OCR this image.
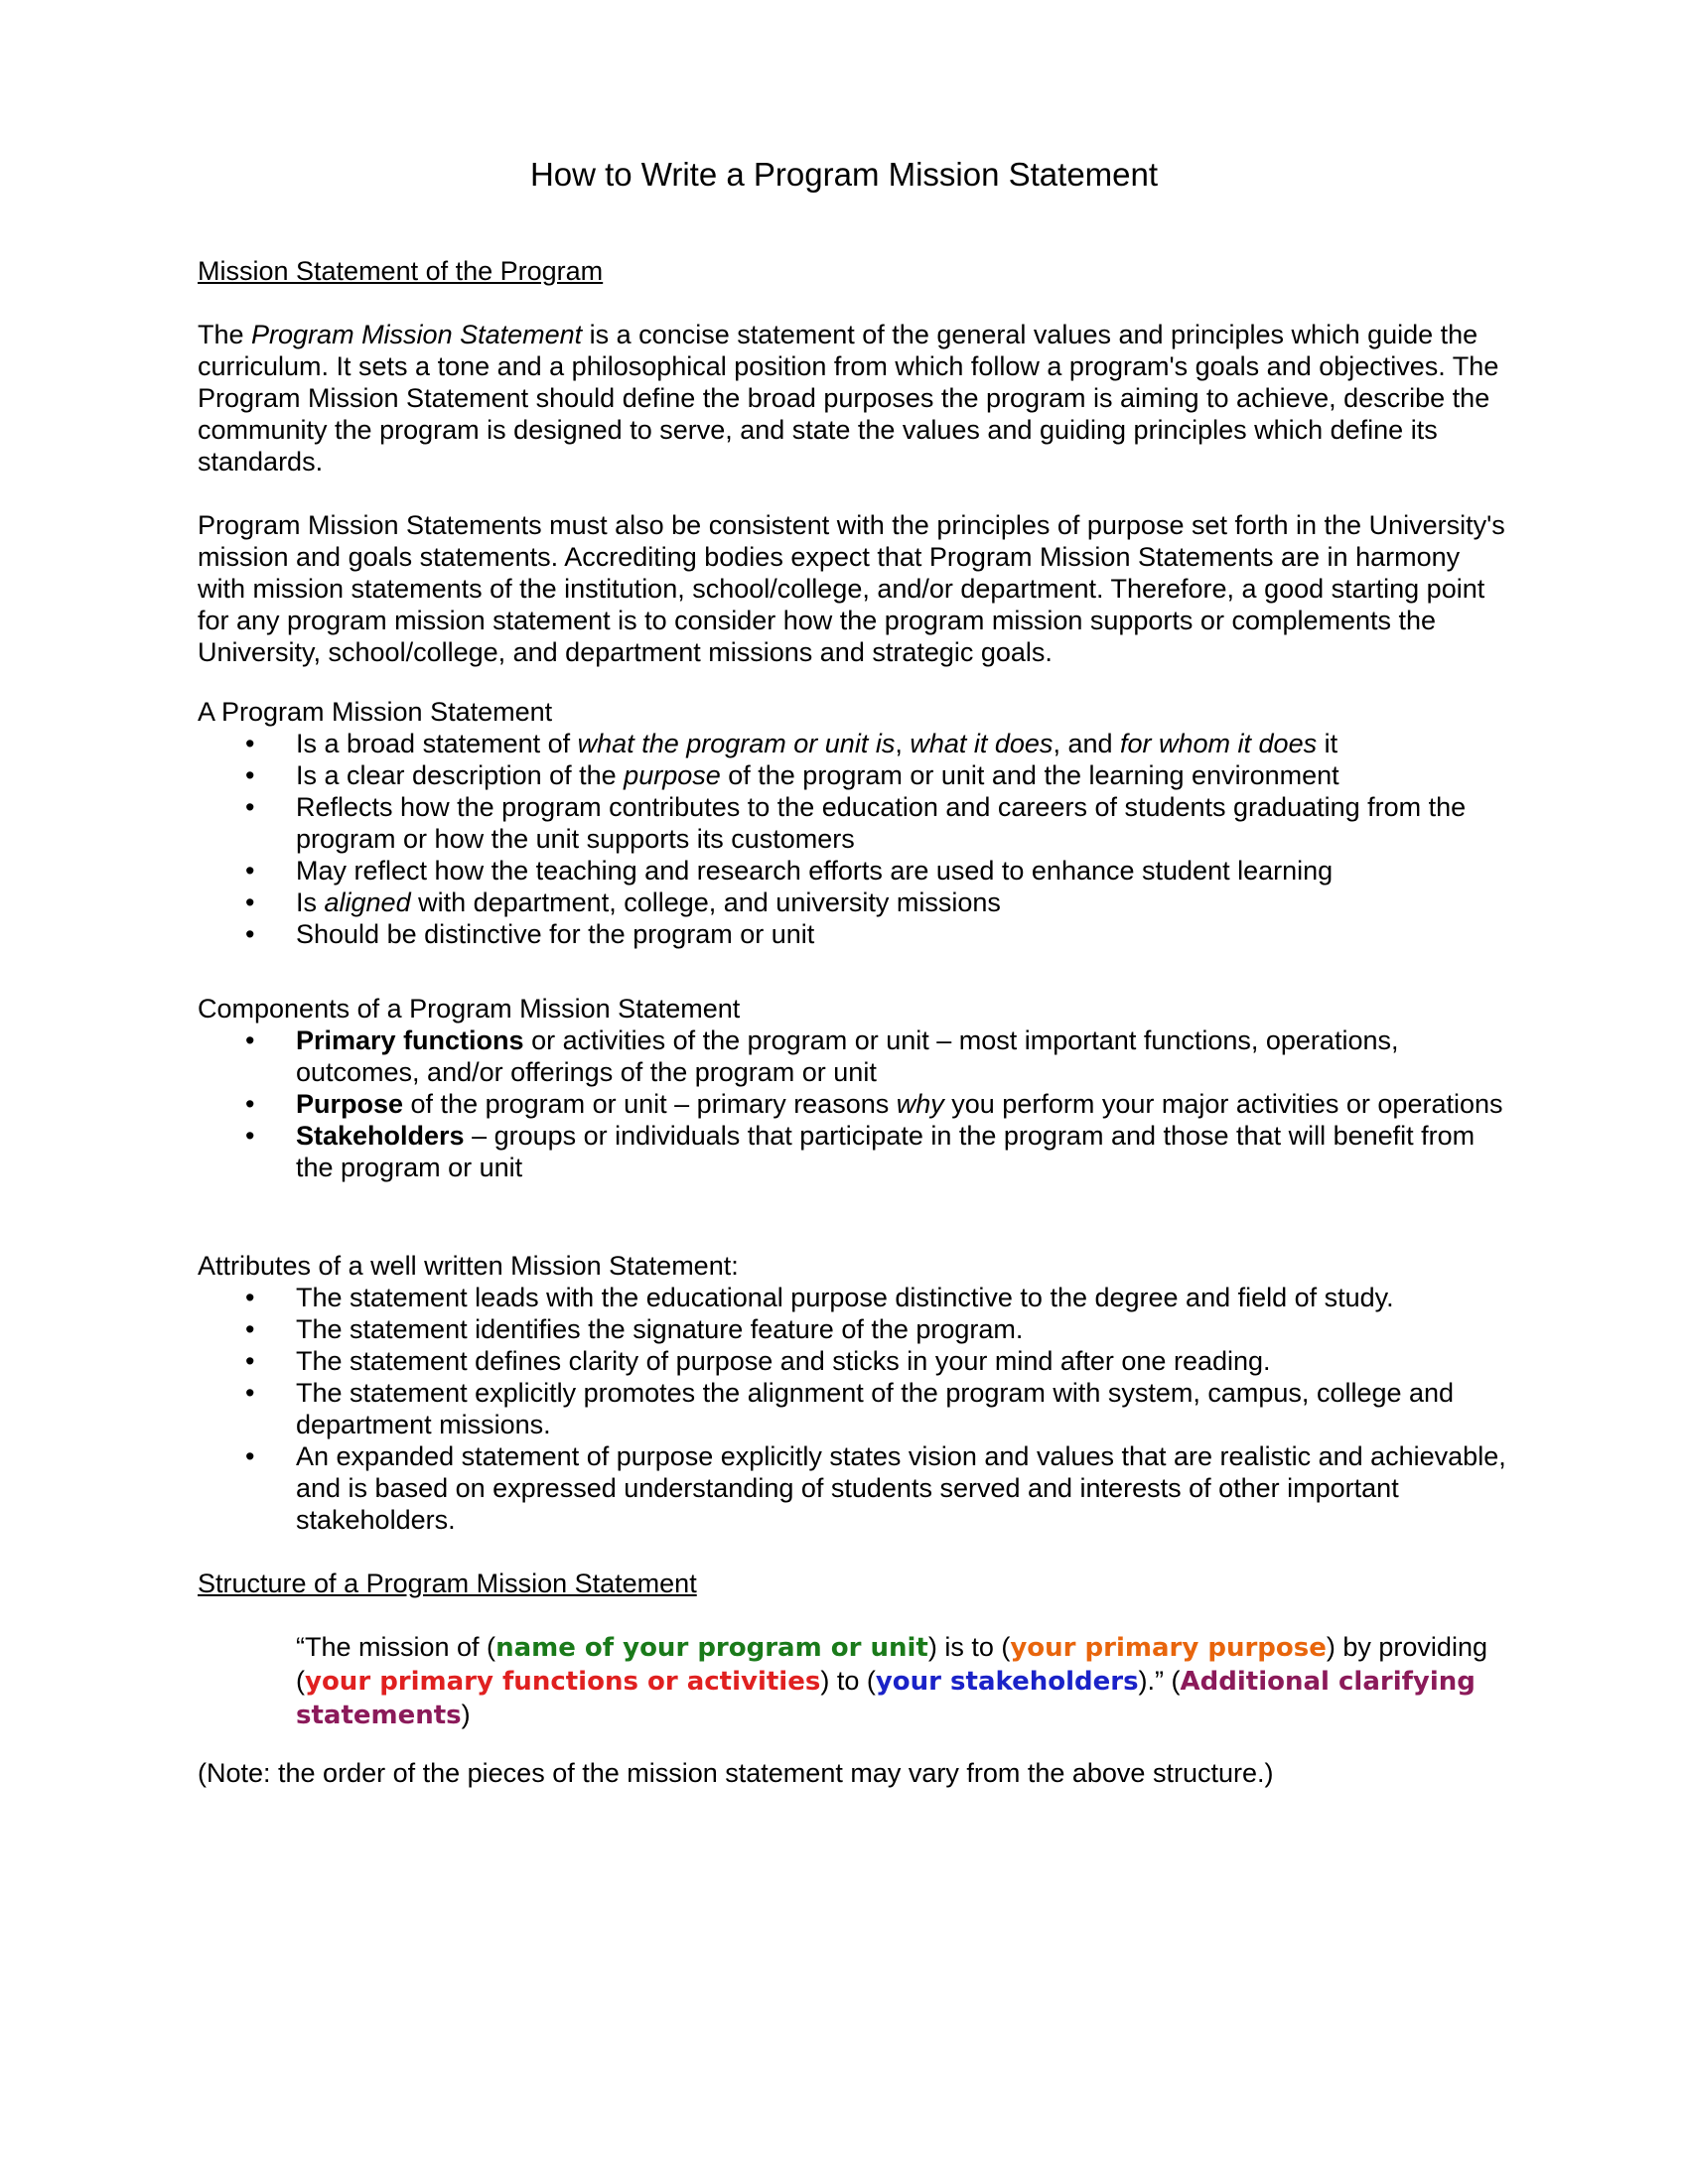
How to Write a Program Mission Statement

Mission Statement of the Program

The Program Mission Statement is a concise statement of the general values and principles which guide the curriculum. It sets a tone and a philosophical position from which follow a program's goals and objectives. The Program Mission Statement should define the broad purposes the program is aiming to achieve, describe the community the program is designed to serve, and state the values and guiding principles which define its standards.

Program Mission Statements must also be consistent with the principles of purpose set forth in the University's mission and goals statements. Accrediting bodies expect that Program Mission Statements are in harmony with mission statements of the institution, school/college, and/or department. Therefore, a good starting point for any program mission statement is to consider how the program mission supports or complements the University, school/college, and department missions and strategic goals.

A Program Mission Statement

• Is a broad statement of what the program or unit is, what it does, and for whom it does it
• Is a clear description of the purpose of the program or unit and the learning environment
• Reflects how the program contributes to the education and careers of students graduating from the program or how the unit supports its customers
• May reflect how the teaching and research efforts are used to enhance student learning
• Is aligned with department, college, and university missions
• Should be distinctive for the program or unit

Components of a Program Mission Statement

• Primary functions or activities of the program or unit – most important functions, operations, outcomes, and/or offerings of the program or unit
• Purpose of the program or unit – primary reasons why you perform your major activities or operations
• Stakeholders – groups or individuals that participate in the program and those that will benefit from the program or unit

Attributes of a well written Mission Statement:

• The statement leads with the educational purpose distinctive to the degree and field of study.
• The statement identifies the signature feature of the program.
• The statement defines clarity of purpose and sticks in your mind after one reading.
• The statement explicitly promotes the alignment of the program with system, campus, college and department missions.
• An expanded statement of purpose explicitly states vision and values that are realistic and achievable, and is based on expressed understanding of students served and interests of other important stakeholders.

Structure of a Program Mission Statement

“The mission of (name of your program or unit) is to (your primary purpose) by providing (your primary functions or activities) to (your stakeholders).” (Additional clarifying statements)

(Note: the order of the pieces of the mission statement may vary from the above structure.)
